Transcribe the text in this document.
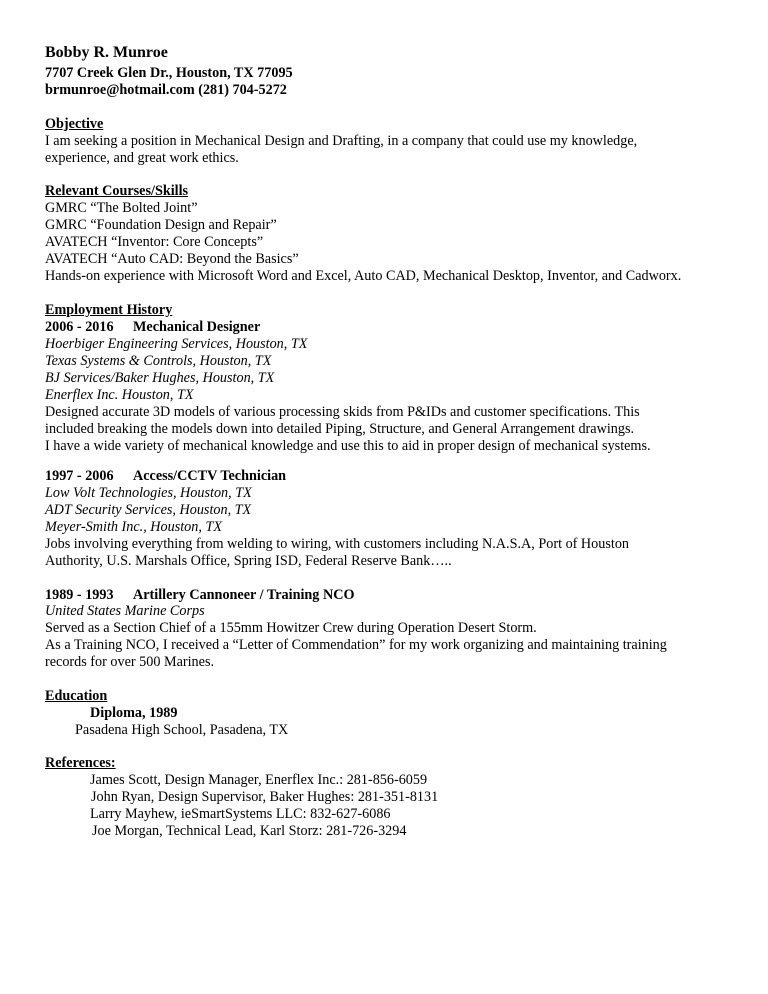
Bobby R. Munroe
7707 Creek Glen Dr., Houston, TX 77095
brmunroe@hotmail.com (281) 704-5272
Objective
I am seeking a position in Mechanical Design and Drafting, in a company that could use my knowledge,
experience, and great work ethics.
Relevant Courses/Skills
GMRC “The Bolted Joint”
GMRC “Foundation Design and Repair”
AVATECH “Inventor: Core Concepts”
AVATECH “Auto CAD: Beyond the Basics”
Hands-on experience with Microsoft Word and Excel, Auto CAD, Mechanical Desktop, Inventor, and Cadworx.
Employment History
2006 - 2016 Mechanical Designer
Hoerbiger Engineering Services, Houston, TX
Texas Systems & Controls, Houston, TX
BJ Services/Baker Hughes, Houston, TX
Enerflex Inc. Houston, TX
Designed accurate 3D models of various processing skids from P&IDs and customer specifications. This
included breaking the models down into detailed Piping, Structure, and General Arrangement drawings.
I have a wide variety of mechanical knowledge and use this to aid in proper design of mechanical systems.
1997 - 2006 Access/CCTV Technician
Low Volt Technologies, Houston, TX
ADT Security Services, Houston, TX
Meyer-Smith Inc., Houston, TX
Jobs involving everything from welding to wiring, with customers including N.A.S.A, Port of Houston
Authority, U.S. Marshals Office, Spring ISD, Federal Reserve Bank…..
1989 - 1993 Artillery Cannoneer / Training NCO
United States Marine Corps
Served as a Section Chief of a 155mm Howitzer Crew during Operation Desert Storm.
As a Training NCO, I received a “Letter of Commendation” for my work organizing and maintaining training
records for over 500 Marines.
Education
Diploma, 1989
Pasadena High School, Pasadena, TX
References:
James Scott, Design Manager, Enerflex Inc.: 281-856-6059
John Ryan, Design Supervisor, Baker Hughes: 281-351-8131
Larry Mayhew, ieSmartSystems LLC: 832-627-6086
Joe Morgan, Technical Lead, Karl Storz: 281-726-3294
